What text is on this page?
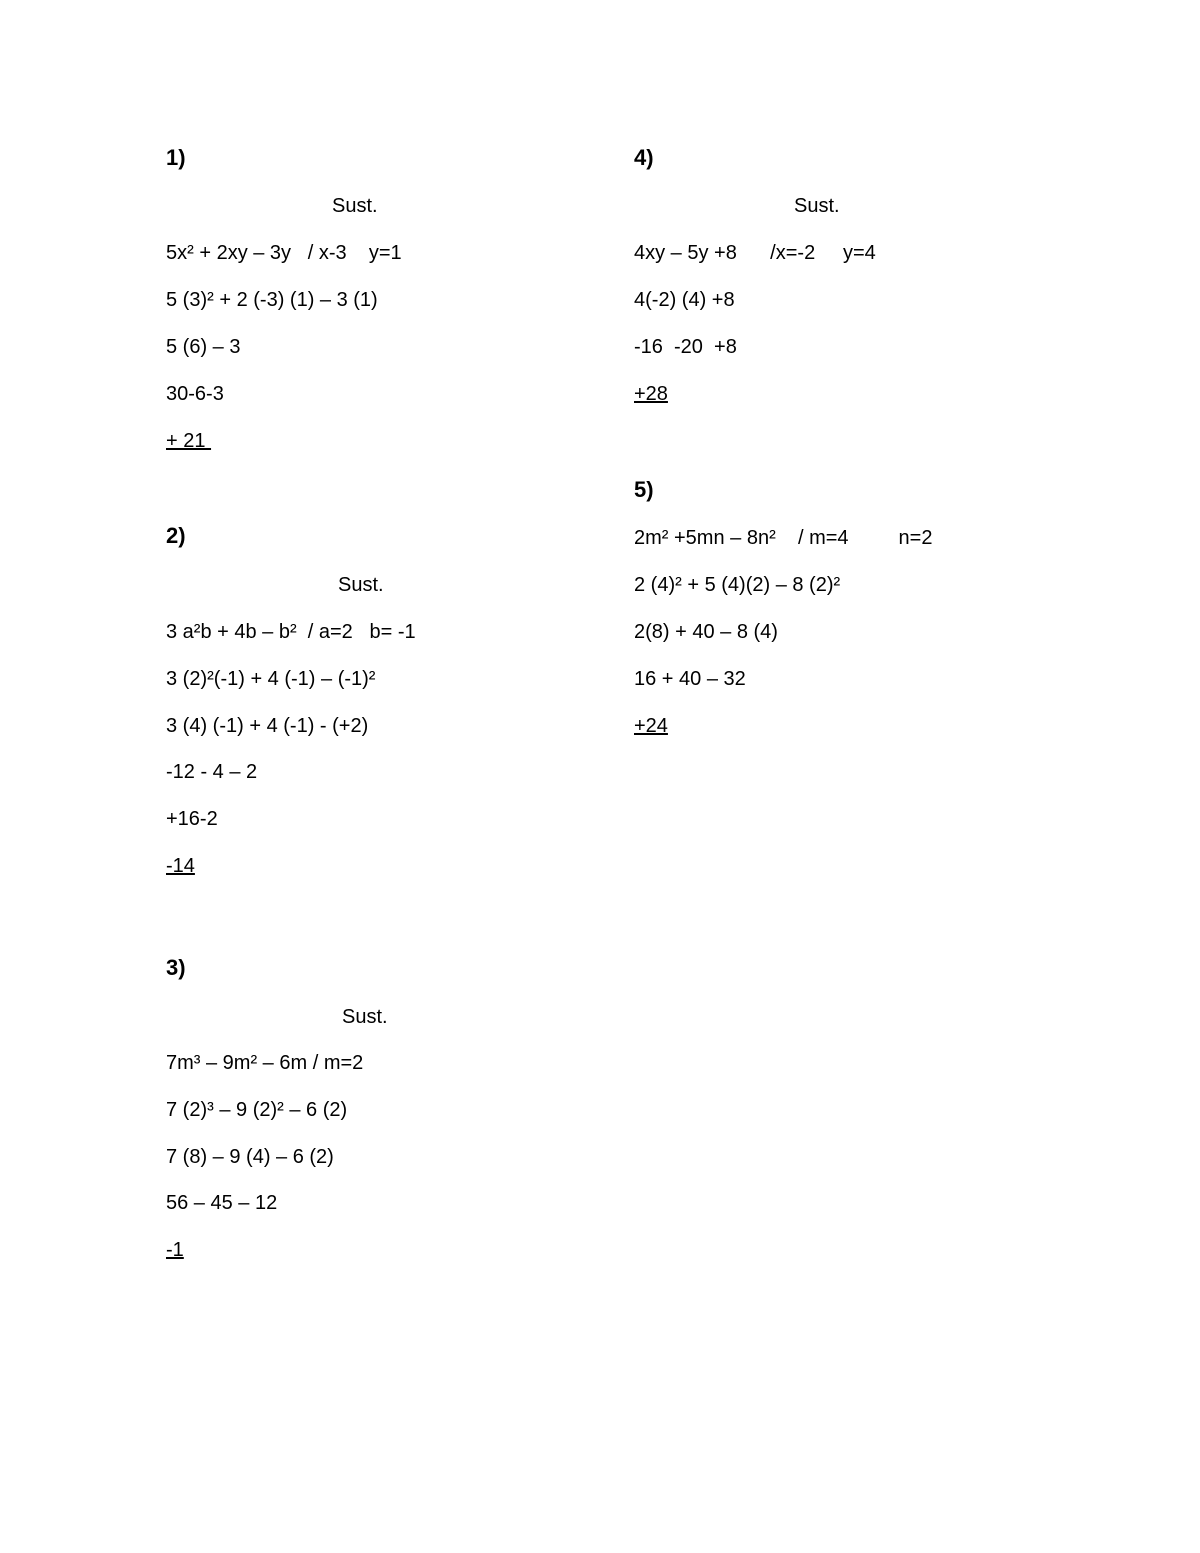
1)
Sust.
5x² + 2xy – 3y   / x-3    y=1
5 (3)² + 2 (-3) (1) – 3 (1)
5 (6) – 3
30-6-3
+ 21
2)
Sust.
3 a²b + 4b – b²  / a=2   b= -1
3 (2)²(-1) + 4 (-1) – (-1)²
3 (4) (-1) + 4 (-1) - (+2)
-12 - 4 – 2
+16-2
-14
3)
Sust.
7m³ – 9m² – 6m / m=2
7 (2)³ – 9 (2)² – 6 (2)
7 (8) – 9 (4) – 6 (2)
56 – 45 – 12
-1
4)
Sust.
4xy – 5y +8      /x=-2     y=4
4(-2) (4) +8
-16  -20  +8
+28
5)
2m² +5mn – 8n²    / m=4         n=2
2 (4)² + 5 (4)(2) – 8 (2)²
2(8) + 40 – 8 (4)
16 + 40 – 32
+24
